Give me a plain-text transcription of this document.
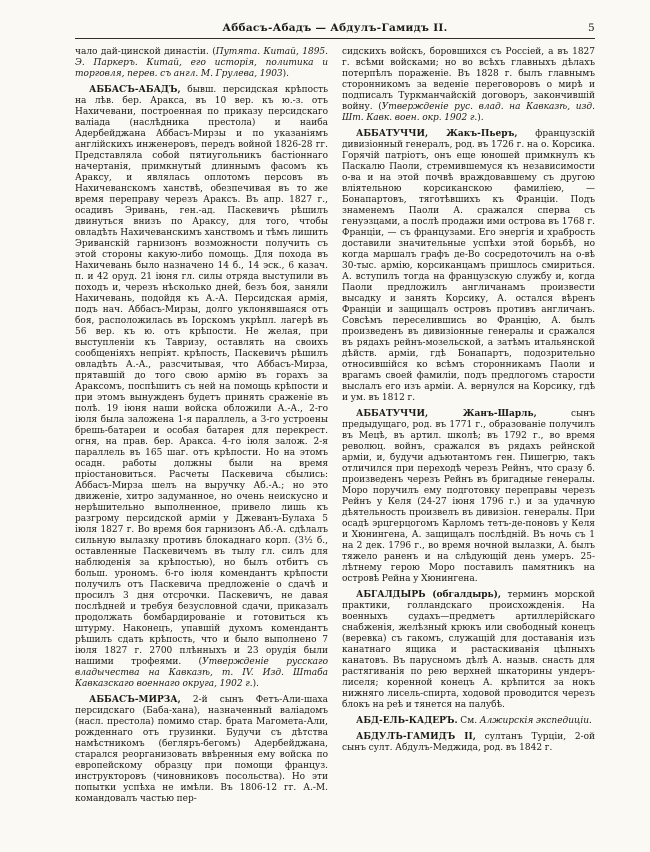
Аббасъ-Абадъ — Абдулъ-Гамидъ II.	5

чало дай-цинской династіи. (Путята. Китай, 1895. Э. Паркеръ. Китай, его исторія, политика и торговля, перев. съ англ. М. Грулева, 1903).

АББАСЪ-АБАДЪ, бывш. персидская крѣпость на лѣв. бер. Аракса, въ 10 вер. къ ю.-з. отъ Нахичевани, построенная по приказу персидскаго валіада (наслѣдника престола) и наиба Адербейджана Аббасъ-Мирзы и по указаніямъ англійскихъ инженеровъ, передъ войной 1826-28 гг. Представляла собой пятиугольникъ бастіоннаго начертанія, примкнутый длиннымъ фасомъ къ Араксу, и являлась оплотомъ персовъ въ Нахичеванскомъ ханствѣ, обезпечивая въ то же время переправу черезъ Араксъ. Въ апр. 1827 г., осадивъ Эривань, ген.-ад. Паскевичъ рѣшилъ двинуться внизъ по Араксу, для того, чтобы овладѣть Нахичеванскимъ ханствомъ и тѣмъ лишить Эриванскій гарнизонъ возможности получить съ этой стороны какую-либо помощь. Для похода въ Нахичевань было назначено 14 б., 14 эск., 6 казач. п. и 42 оруд. 21 іюня гл. силы отряда выступили въ походъ и, черезъ нѣсколько дней, безъ боя, заняли Нахичевань, подойдя къ А.-А. Персидская армія, подъ нач. Аббасъ-Мирзы, долго уклонявшаяся отъ боя, расположилась въ Іорскомъ укрѣпл. лагерѣ въ 56 вер. къ ю. отъ крѣпости. Не желая, при выступленіи къ Тавризу, оставлять на своихъ сообщеніяхъ непріят. крѣпость, Паскевичъ рѣшилъ овладѣть А.-А., разсчитывая, что Аббасъ-Мирза, прятавшій до того свою армію въ горахъ за Араксомъ, поспѣшитъ съ ней на помощь крѣпости и при этомъ вынужденъ будетъ принять сраженіе въ полѣ. 19 іюня наши войска обложили А.-А., 2-го іюля была заложена 1-я параллель, а 3-го устроены брешь-батареи и особая батарея для перекрест. огня, на прав. бер. Аракса. 4-го іюля залож. 2-я параллель въ 165 шаг. отъ крѣпости. Но на этомъ осадн. работы должны были на время пріостановиться. Расчеты Паскевича сбылись: Аббасъ-Мирза шелъ на выручку Аб.-А.; но это движеніе, хитро задуманное, но очень неискусно и нерѣшительно выполненное, привело лишь къ разгрому персидской арміи у Джеванъ-Булаха 5 іюля 1827 г. Во время боя гарнизонъ Аб.-А. сдѣлалъ сильную вылазку противъ блокаднаго корп. (3½ б., оставленные Паскевичемъ въ тылу гл. силъ для наблюденія за крѣпостью), но былъ отбитъ съ больш. урономъ. 6-го іюля комендантъ крѣпости получилъ отъ Паскевича предложеніе о сдачѣ и просилъ 3 дня отсрочки. Паскевичъ, не давая послѣдней и требуя безусловной сдачи, приказалъ продолжать бомбардированіе и готовиться къ штурму. Наконецъ, упавшій духомъ комендантъ рѣшилъ сдать крѣпость, что и было выполнено 7 іюля 1827 г. 2700 плѣнныхъ и 23 орудія были нашими трофеями. (Утвержденіе русскаго владычества на Кавказѣ, т. IV. Изд. Штаба Кавказскаго военнаго округа, 1902 г.).

АББАСЪ-МИРЗА, 2-й сынъ Фетъ-Али-шаха персидскаго (Баба-хана), назначенный валіадомъ (насл. престола) помимо стар. брата Магомета-Али, рожденнаго отъ грузинки. Будучи съ дѣтства намѣстникомъ (бегляръ-бегомъ) Адербейджана, старался реорганизовать ввѣренныя ему войска по европейскому образцу при помощи француз. инструкторовъ (чиновниковъ посольства). Но эти попытки успѣха не имѣли. Въ 1806-12 гг. А.-М. командовалъ частью пер-

сидскихъ войскъ, боровшихся съ Россіей, а въ 1827 г. всѣми войсками; но во всѣхъ главныхъ дѣлахъ потерпѣлъ пораженіе. Въ 1828 г. былъ главнымъ сторонникомъ за веденіе переговоровъ о мирѣ и подписалъ Туркманчайскій договоръ, закончившій войну. (Утвержденіе рус. влад. на Кавказѣ, изд. Шт. Кавк. воен. окр. 1902 г.).

АББАТУЧЧИ, Жакъ-Пьеръ, французскій дивизіонный генералъ, род. въ 1726 г. на о. Корсика. Горячій патріотъ, онъ еще юношей примкнулъ къ Паскалю Паоли, стремившемуся къ независимости о-ва и на этой почвѣ враждовавшему съ другою вліятельною корсиканскою фамиліею, — Бонапартовъ, тяготѣвшихъ къ Франціи. Подъ знаменемъ Паоли А. сражался сперва съ генуэзцами, а послѣ продажи ими острова въ 1768 г. Франціи, — съ французами. Его энергія и храбрость доставили значительные успѣхи этой борьбѣ, но когда маршалъ графъ де-Во сосредоточилъ на о-вѣ 30-тыс. армію, корсиканцамъ пришлось смириться. А. вступилъ тогда на французскую службу и, когда Паоли предложилъ англичанамъ произвести высадку и занять Корсику, А. остался вѣренъ Франціи и защищалъ островъ противъ англичанъ. Совсѣмъ переселившись во Францію, А. былъ произведенъ въ дивизіонные генералы и сражался въ рядахъ рейнъ-мозельской, а затѣмъ итальянской дѣйств. арміи, гдѣ Бонапартъ, подозрительно относившійся ко всѣмъ сторонникамъ Паоли и врагамъ своей фамиліи, подъ предлогомъ старости выслалъ его изъ арміи. А. вернулся на Корсику, гдѣ и ум. въ 1812 г.

АББАТУЧЧИ, Жанъ-Шарль, сынъ предыдущаго, род. въ 1771 г., образованіе получилъ въ Мецѣ, въ артил. школѣ; въ 1792 г., во время революц. войнъ, сражался въ рядахъ рейнской арміи, и, будучи адъютантомъ ген. Пишегрю, такъ отличился при переходѣ черезъ Рейнъ, что сразу б. произведенъ черезъ Рейнъ въ бригадные генералы. Моро поручилъ ему подготовку переправы черезъ Рейнъ у Келя (24-27 іюня 1796 г.) и за удачную дѣятельность произвелъ въ дивизіон. генералы. При осадѣ эрцгерцогомъ Карломъ тетъ-де-поновъ у Келя и Хюнингена, А. защищалъ послѣдній. Въ ночь съ 1 на 2 дек. 1796 г., во время ночной вылазки, А. былъ тяжело раненъ и на слѣдующій день умеръ. 25-лѣтнему герою Моро поставилъ памятникъ на островѣ Рейна у Хюнингена.

АБГАЛДЫРЬ (обгалдырь), терминъ морской практики, голландскаго происхожденія. На военныхъ судахъ—предметъ артиллерійскаго снабженія, желѣзный крюкъ или свободный конецъ (веревка) съ гакомъ, служащій для доставанія изъ канатнаго ящика и растаскиванія цѣпныхъ канатовъ. Въ парусномъ дѣлѣ А. назыв. снасть для растягиванія по рею верхней шкаторины ундеръ-лиселя; коренной конецъ А. крѣпится за нокъ нижняго лисель-спирта, ходовой проводится черезъ блокъ на реѣ и тянется на палубѣ.

АБД-ЕЛЬ-КАДЕРЪ. См. Алжирскія экспедиціи.

АБДУЛЪ-ГАМИДЪ II, султанъ Турціи, 2-ой сынъ султ. Абдулъ-Меджида, род. въ 1842 г.
